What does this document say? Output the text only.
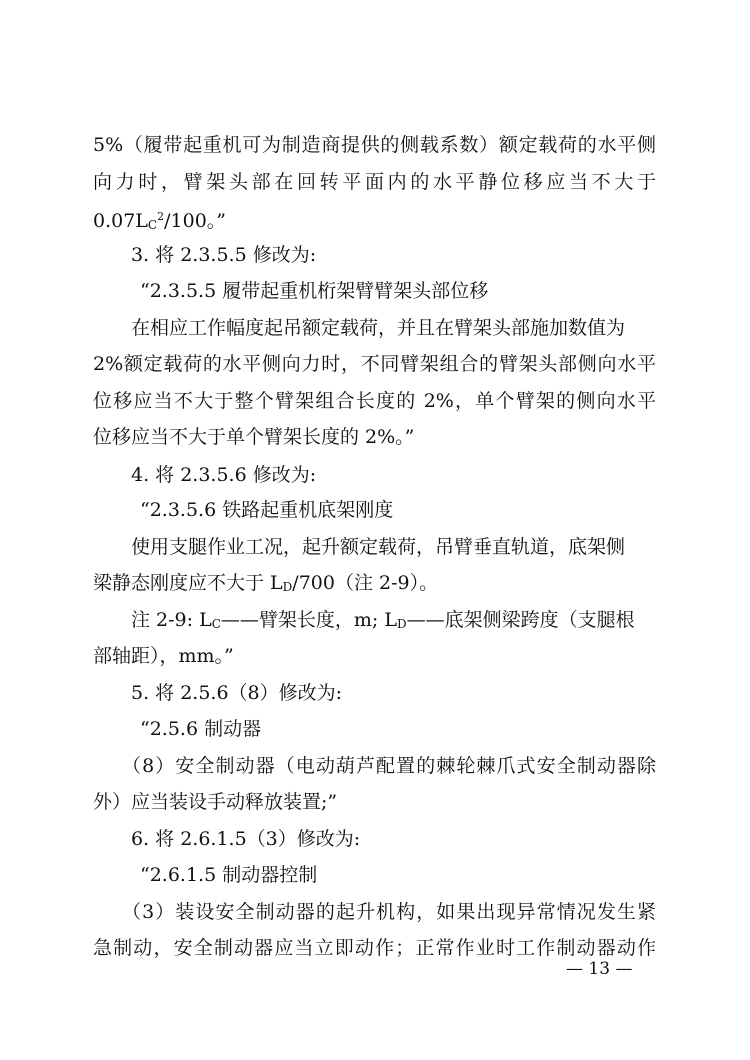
5%（履带起重机可为制造商提供的侧载系数）额定载荷的水平侧
向力时，臂架头部在回转平面内的水平静位移应当不大于
$0.07LC^2/100$。”
3. 将 2.3.5.5 修改为:
“2.3.5.5 履带起重机桁架臂臂架头部位移
在相应工作幅度起吊额定载荷，并且在臂架头部施加数值为
2%额定载荷的水平侧向力时，不同臂架组合的臂架头部侧向水平
位移应当不大于整个臂架组合长度的 2%，单个臂架的侧向水平
位移应当不大于单个臂架长度的 2%。”
4. 将 2.3.5.6 修改为:
“2.3.5.6 铁路起重机底架刚度
使用支腿作业工况，起升额定载荷，吊臂垂直轨道，底架侧
梁静态刚度应不大于 LD/700（注 2-9）。
注 2-9: LC——臂架长度，m; LD——底架侧梁跨度（支腿根
部轴距），mm。”
5. 将 2.5.6（8）修改为:
“2.5.6 制动器
（8）安全制动器（电动葫芦配置的棘轮棘爪式安全制动器除
外）应当装设手动释放装置;”
6. 将 2.6.1.5（3）修改为:
“2.6.1.5 制动器控制
（3）装设安全制动器的起升机构，如果出现异常情况发生紧
急制动，安全制动器应当立即动作；正常作业时工作制动器动作
— 13 —
